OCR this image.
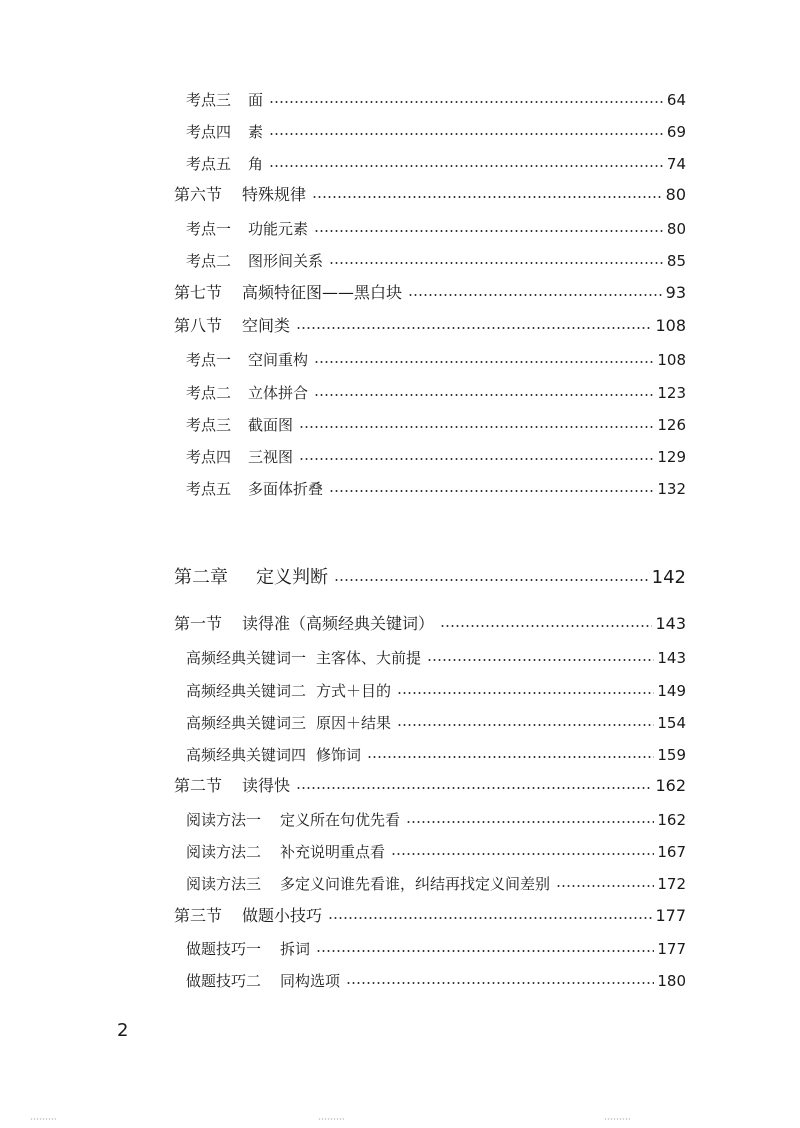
考点三	面	64
考点四	素	69
考点五	角	74
第六节	特殊规律	80
考点一	功能元素	80
考点二	图形间关系	85
第七节	高频特征图——黑白块	93
第八节	空间类	108
考点一	空间重构	108
考点二	立体拼合	123
考点三	截面图	126
考点四	三视图	129
考点五	多面体折叠	132
第二章	定义判断	142
第一节	读得准（高频经典关键词）	143
高频经典关键词一 主客体、大前提	143
高频经典关键词二 方式＋目的	149
高频经典关键词三 原因＋结果	154
高频经典关键词四 修饰词	159
第二节	读得快	162
阅读方法一	定义所在句优先看	162
阅读方法二	补充说明重点看	167
阅读方法三	多定义问谁先看谁，纠结再找定义间差别	172
第三节	做题小技巧	177
做题技巧一	拆词	177
做题技巧二	同构选项	180
2
